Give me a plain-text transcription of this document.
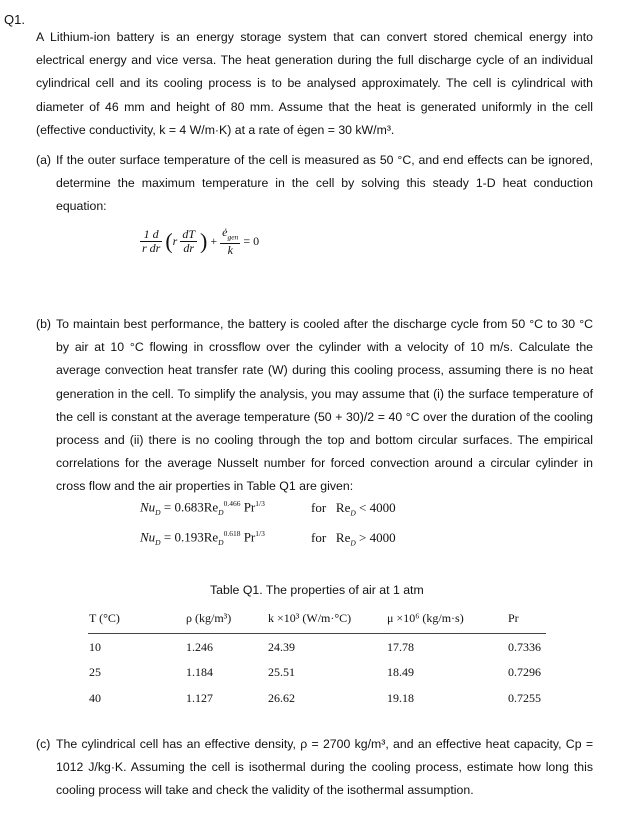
Q1.
A Lithium-ion battery is an energy storage system that can convert stored chemical energy into electrical energy and vice versa. The heat generation during the full discharge cycle of an individual cylindrical cell and its cooling process is to be analysed approximately. The cell is cylindrical with diameter of 46 mm and height of 80 mm. Assume that the heat is generated uniformly in the cell (effective conductivity, k = 4 W/m·K) at a rate of ėgen = 30 kW/m³.
(a) If the outer surface temperature of the cell is measured as 50 °C, and end effects can be ignored, determine the maximum temperature in the cell by solving this steady 1-D heat conduction equation:
$\frac{1 d}{\text{r dr}} (r \frac{dT}{dr}$ ) + $\frac{ė_{gen}}{k} = 0$
(b) To maintain best performance, the battery is cooled after the discharge cycle from 50 °C to 30 °C by air at 10 °C flowing in crossflow over the cylinder with a velocity of 10 m/s. Calculate the average convection heat transfer rate (W) during this cooling process, assuming there is no heat generation in the cell. To simplify the analysis, you may assume that (i) the surface temperature of the cell is constant at the average temperature (50 + 30)/2 = 40 °C over the duration of the cooling process and (ii) there is no cooling through the top and bottom circular surfaces. The empirical correlations for the average Nusselt number for forced convection around a circular cylinder in cross flow and the air properties in Table Q1 are given:
$Nu_D = 0.683Re_D^{0.466}$ $Pr^{1/3}$	for   $Re_D < 4000$
$Nu_D = 0.193Re_D^{0.618}$ $Pr^{1/3}$	for   $Re_D > 4000$
Table Q1. The properties of air at 1 atm
T (°C)	ρ (kg/m³)	k ×10³ (W/m·°C)	μ ×10⁶ (kg/m·s)	Pr
10	1.246	24.39	17.78	0.7336
25	1.184	25.51	18.49	0.7296
40	1.127	26.62	19.18	0.7255
(c) The cylindrical cell has an effective density, ρ = 2700 kg/m³, and an effective heat capacity, Cp = 1012 J/kg·K. Assuming the cell is isothermal during the cooling process, estimate how long this cooling process will take and check the validity of the isothermal assumption.
